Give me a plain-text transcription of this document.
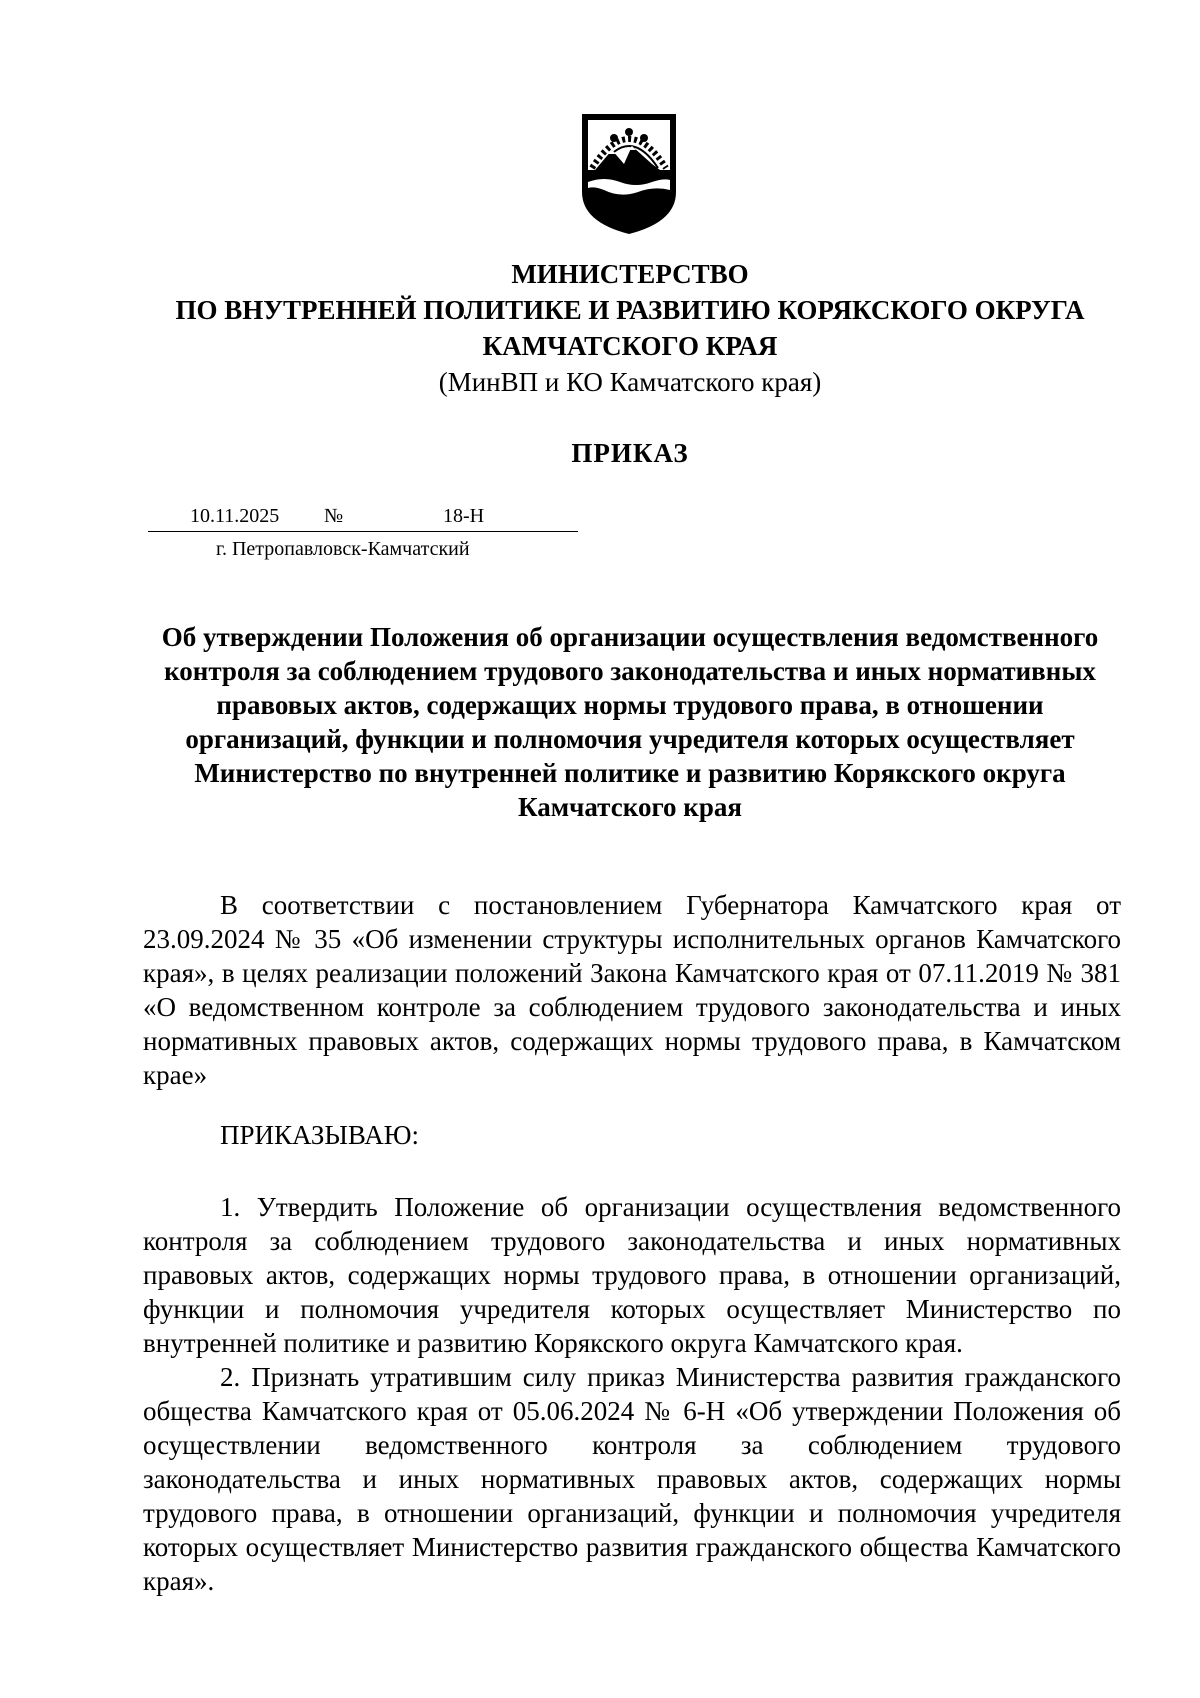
МИНИСТЕРСТВО
ПО ВНУТРЕННЕЙ ПОЛИТИКЕ И РАЗВИТИЮ КОРЯКСКОГО ОКРУГА
КАМЧАТСКОГО КРАЯ
(МинВП и КО Камчатского края)
ПРИКАЗ
10.11.2025 №	18-Н
г. Петропавловск-Камчатский
Об утверждении Положения об организации осуществления ведомственного контроля за соблюдением трудового законодательства и иных нормативных правовых актов, содержащих нормы трудового права, в отношении организаций, функции и полномочия учредителя которых осуществляет Министерство по внутренней политике и развитию Корякского округа Камчатского края
В соответствии с постановлением Губернатора Камчатского края от 23.09.2024 № 35 «Об изменении структуры исполнительных органов Камчатского края», в целях реализации положений Закона Камчатского края от 07.11.2019 № 381 «О ведомственном контроле за соблюдением трудового законодательства и иных нормативных правовых актов, содержащих нормы трудового права, в Камчатском крае»
ПРИКАЗЫВАЮ:

1. Утвердить Положение об организации осуществления ведомственного контроля за соблюдением трудового законодательства и иных нормативных правовых актов, содержащих нормы трудового права, в отношении организаций, функции и полномочия учредителя которых осуществляет Министерство по внутренней политике и развитию Корякского округа Камчатского края.

2. Признать утратившим силу приказ Министерства развития гражданского общества Камчатского края от 05.06.2024 № 6-Н «Об утверждении Положения об осуществлении ведомственного контроля за соблюдением трудового законодательства и иных нормативных правовых актов, содержащих нормы трудового права, в отношении организаций, функции и полномочия учредителя которых осуществляет Министерство развития гражданского общества Камчатского края».
